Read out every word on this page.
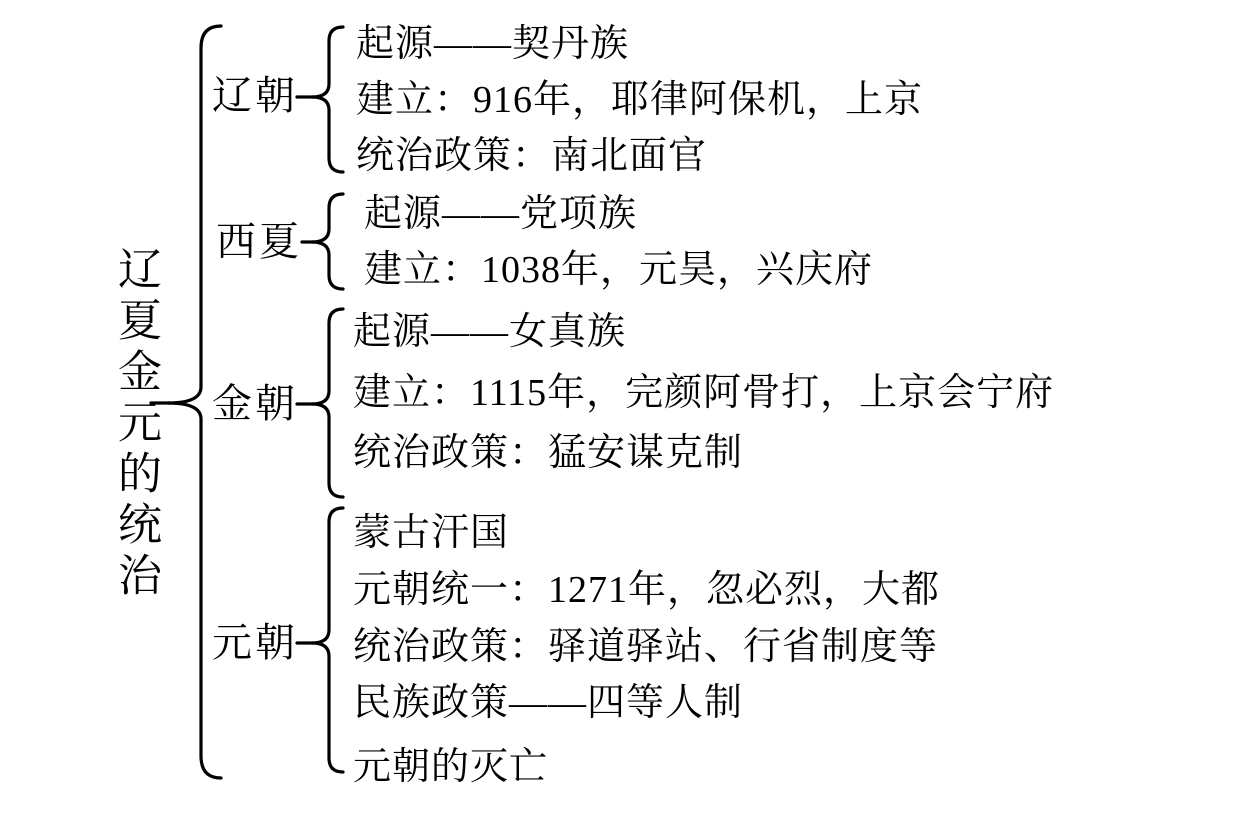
辽夏金元的统治
辽朝
西夏
金朝
元朝
起源——契丹族
建立：916年，耶律阿保机，上京
统治政策：南北面官
起源——党项族
建立：1038年，元昊，兴庆府
起源——女真族
建立：1115年，完颜阿骨打，上京会宁府
统治政策：猛安谋克制
蒙古汗国
元朝统一：1271年，忽必烈，大都
统治政策：驿道驿站、行省制度等
民族政策——四等人制
元朝的灭亡
